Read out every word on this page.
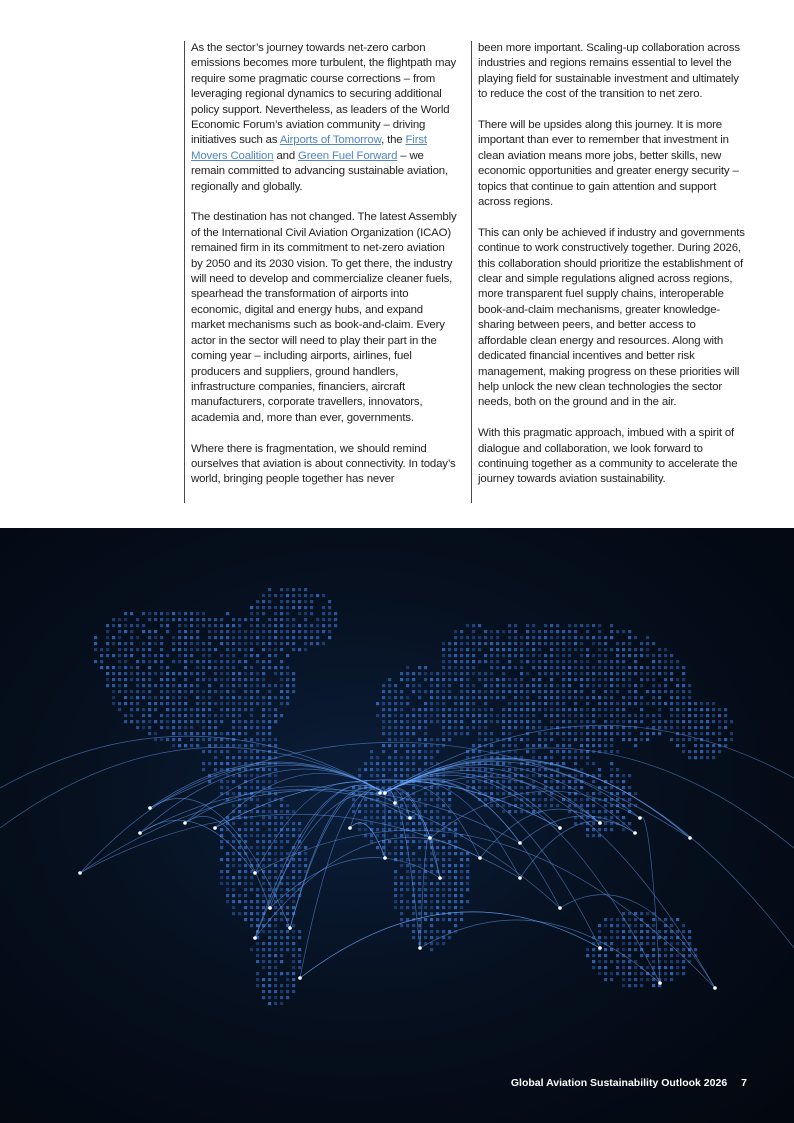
As the sector’s journey towards net-zero carbon emissions becomes more turbulent, the flightpath may require some pragmatic course corrections – from leveraging regional dynamics to securing additional policy support. Nevertheless, as leaders of the World Economic Forum’s aviation community – driving initiatives such as Airports of Tomorrow, the First Movers Coalition and Green Fuel Forward – we remain committed to advancing sustainable aviation, regionally and globally.

The destination has not changed. The latest Assembly of the International Civil Aviation Organization (ICAO) remained firm in its commitment to net-zero aviation by 2050 and its 2030 vision. To get there, the industry will need to develop and commercialize cleaner fuels, spearhead the transformation of airports into economic, digital and energy hubs, and expand market mechanisms such as book-and-claim. Every actor in the sector will need to play their part in the coming year – including airports, airlines, fuel producers and suppliers, ground handlers, infrastructure companies, financiers, aircraft manufacturers, corporate travellers, innovators, academia and, more than ever, governments.

Where there is fragmentation, we should remind ourselves that aviation is about connectivity. In today’s world, bringing people together has never

been more important. Scaling-up collaboration across industries and regions remains essential to level the playing field for sustainable investment and ultimately to reduce the cost of the transition to net zero.

There will be upsides along this journey. It is more important than ever to remember that investment in clean aviation means more jobs, better skills, new economic opportunities and greater energy security – topics that continue to gain attention and support across regions.

This can only be achieved if industry and governments continue to work constructively together. During 2026, this collaboration should prioritize the establishment of clear and simple regulations aligned across regions, more transparent fuel supply chains, interoperable book-and-claim mechanisms, greater knowledge-sharing between peers, and better access to affordable clean energy and resources. Along with dedicated financial incentives and better risk management, making progress on these priorities will help unlock the new clean technologies the sector needs, both on the ground and in the air.

With this pragmatic approach, imbued with a spirit of dialogue and collaboration, we look forward to continuing together as a community to accelerate the journey towards aviation sustainability.

Global Aviation Sustainability Outlook 2026 7
